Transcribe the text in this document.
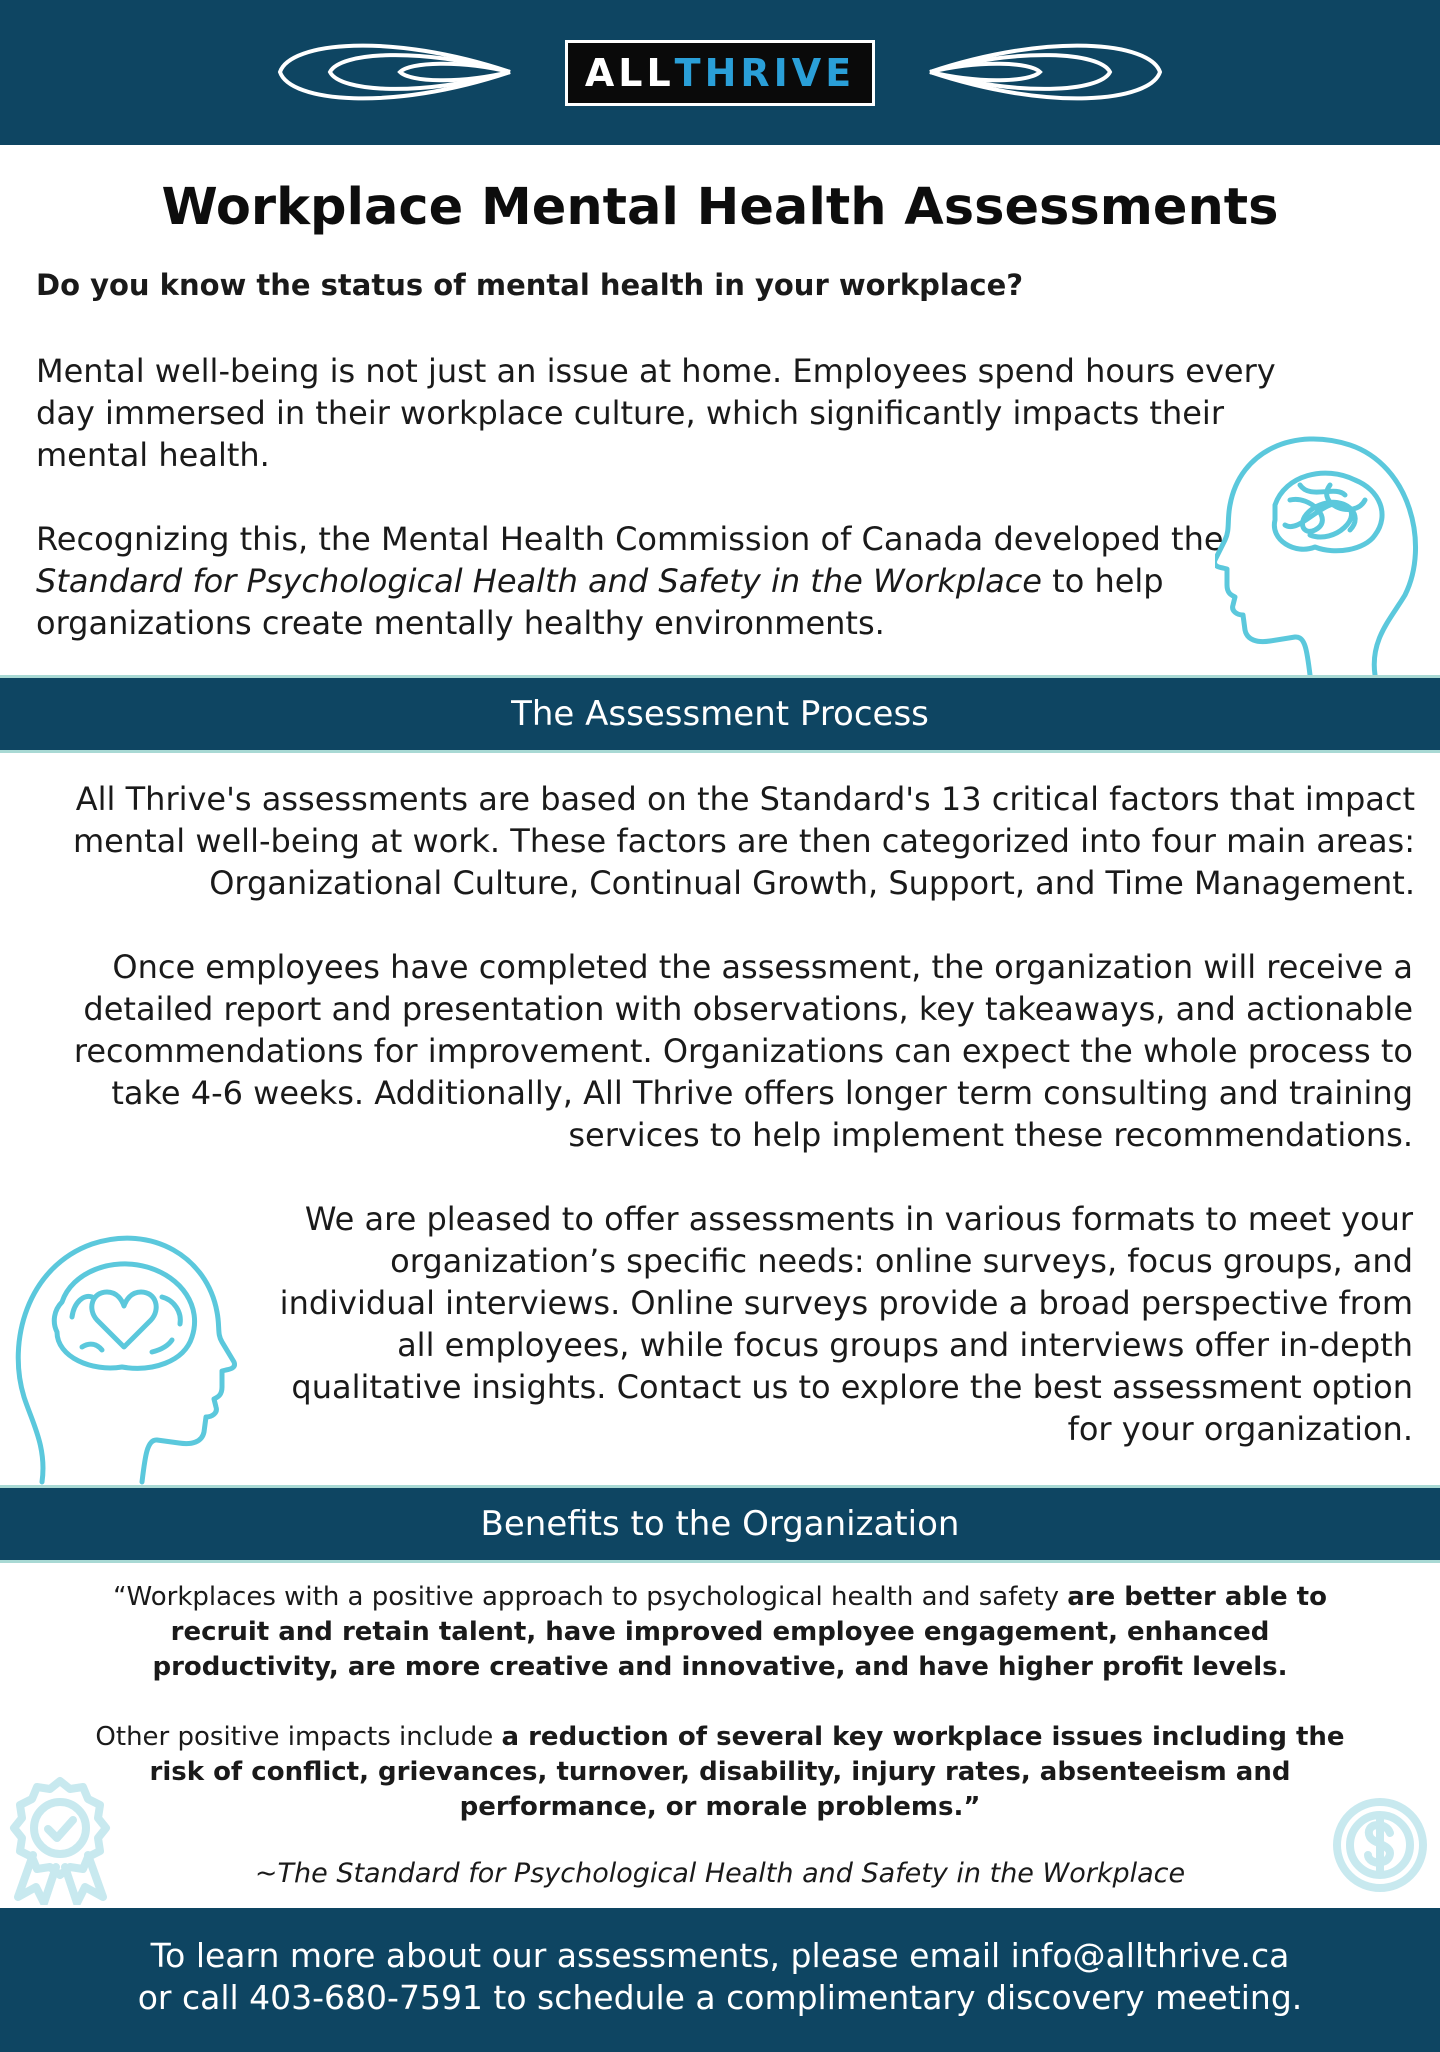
ALL THRIVE
Workplace Mental Health Assessments
Do you know the status of mental health in your workplace?

Mental well-being is not just an issue at home. Employees spend hours every day immersed in their workplace culture, which significantly impacts their mental health.

Recognizing this, the Mental Health Commission of Canada developed the Standard for Psychological Health and Safety in the Workplace to help organizations create mentally healthy environments.

The Assessment Process

All Thrive's assessments are based on the Standard's 13 critical factors that impact mental well-being at work. These factors are then categorized into four main areas: Organizational Culture, Continual Growth, Support, and Time Management.

Once employees have completed the assessment, the organization will receive a detailed report and presentation with observations, key takeaways, and actionable recommendations for improvement. Organizations can expect the whole process to take 4-6 weeks. Additionally, All Thrive offers longer term consulting and training services to help implement these recommendations.

We are pleased to offer assessments in various formats to meet your organization’s specific needs: online surveys, focus groups, and individual interviews. Online surveys provide a broad perspective from all employees, while focus groups and interviews offer in-depth qualitative insights. Contact us to explore the best assessment option for your organization.

Benefits to the Organization

“Workplaces with a positive approach to psychological health and safety are better able to recruit and retain talent, have improved employee engagement, enhanced productivity, are more creative and innovative, and have higher profit levels.

Other positive impacts include a reduction of several key workplace issues including the risk of conflict, grievances, turnover, disability, injury rates, absenteeism and performance, or morale problems.”

~The Standard for Psychological Health and Safety in the Workplace
To learn more about our assessments, please email info@allthrive.ca
or call 403-680-7591 to schedule a complimentary discovery meeting.
